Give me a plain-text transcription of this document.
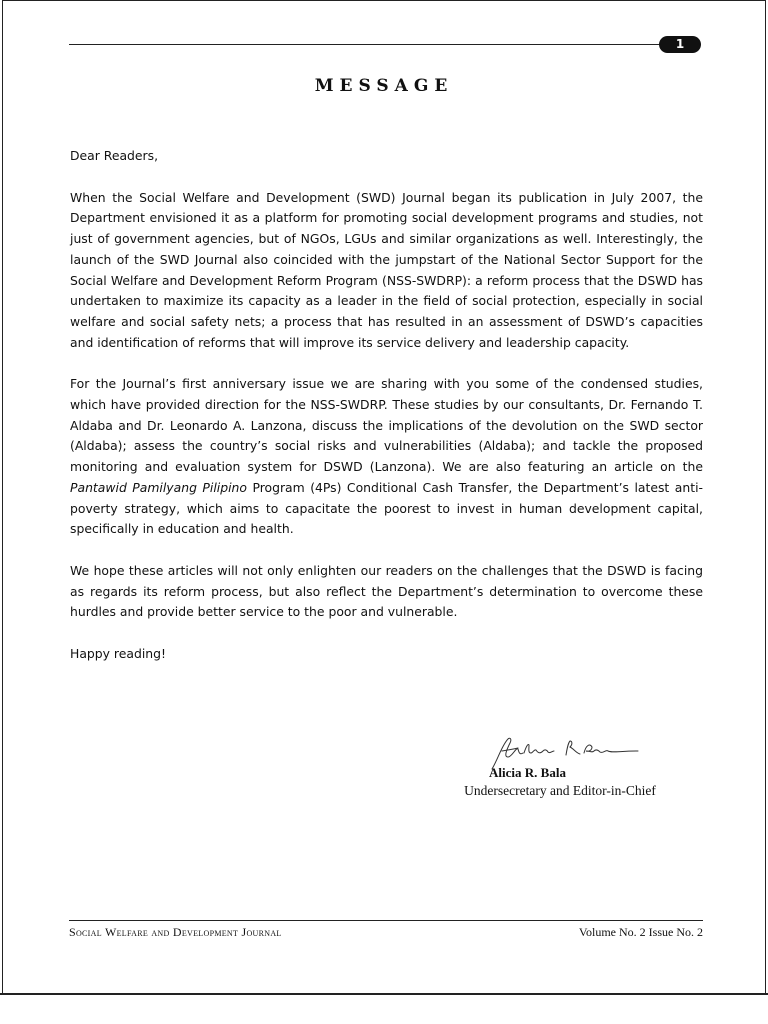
1
MESSAGE

Dear Readers,

When the Social Welfare and Development (SWD) Journal began its publication in July 2007, the Department envisioned it as a platform for promoting social development programs and studies, not just of government agencies, but of NGOs, LGUs and similar organizations as well. Interestingly, the launch of the SWD Journal also coincided with the jumpstart of the National Sector Support for the Social Welfare and Development Reform Program (NSS-SWDRP): a reform process that the DSWD has undertaken to maximize its capacity as a leader in the field of social protection, especially in social welfare and social safety nets; a process that has resulted in an assessment of DSWD’s capacities and identification of reforms that will improve its service delivery and leadership capacity.

For the Journal’s first anniversary issue we are sharing with you some of the condensed studies, which have provided direction for the NSS-SWDRP. These studies by our consultants, Dr. Fernando T. Aldaba and Dr. Leonardo A. Lanzona, discuss the implications of the devolution on the SWD sector (Aldaba); assess the country’s social risks and vulnerabilities (Aldaba); and tackle the proposed monitoring and evaluation system for DSWD (Lanzona). We are also featuring an article on the Pantawid Pamilyang Pilipino Program (4Ps) Conditional Cash Transfer, the Department’s latest anti-poverty strategy, which aims to capacitate the poorest to invest in human development capital, specifically in education and health.

We hope these articles will not only enlighten our readers on the challenges that the DSWD is facing as regards its reform process, but also reflect the Department’s determination to overcome these hurdles and provide better service to the poor and vulnerable.

Happy reading!

Alicia R. Bala
Undersecretary and Editor-in-Chief
Social Welfare and Development Journal	Volume No. 2 Issue No. 2
